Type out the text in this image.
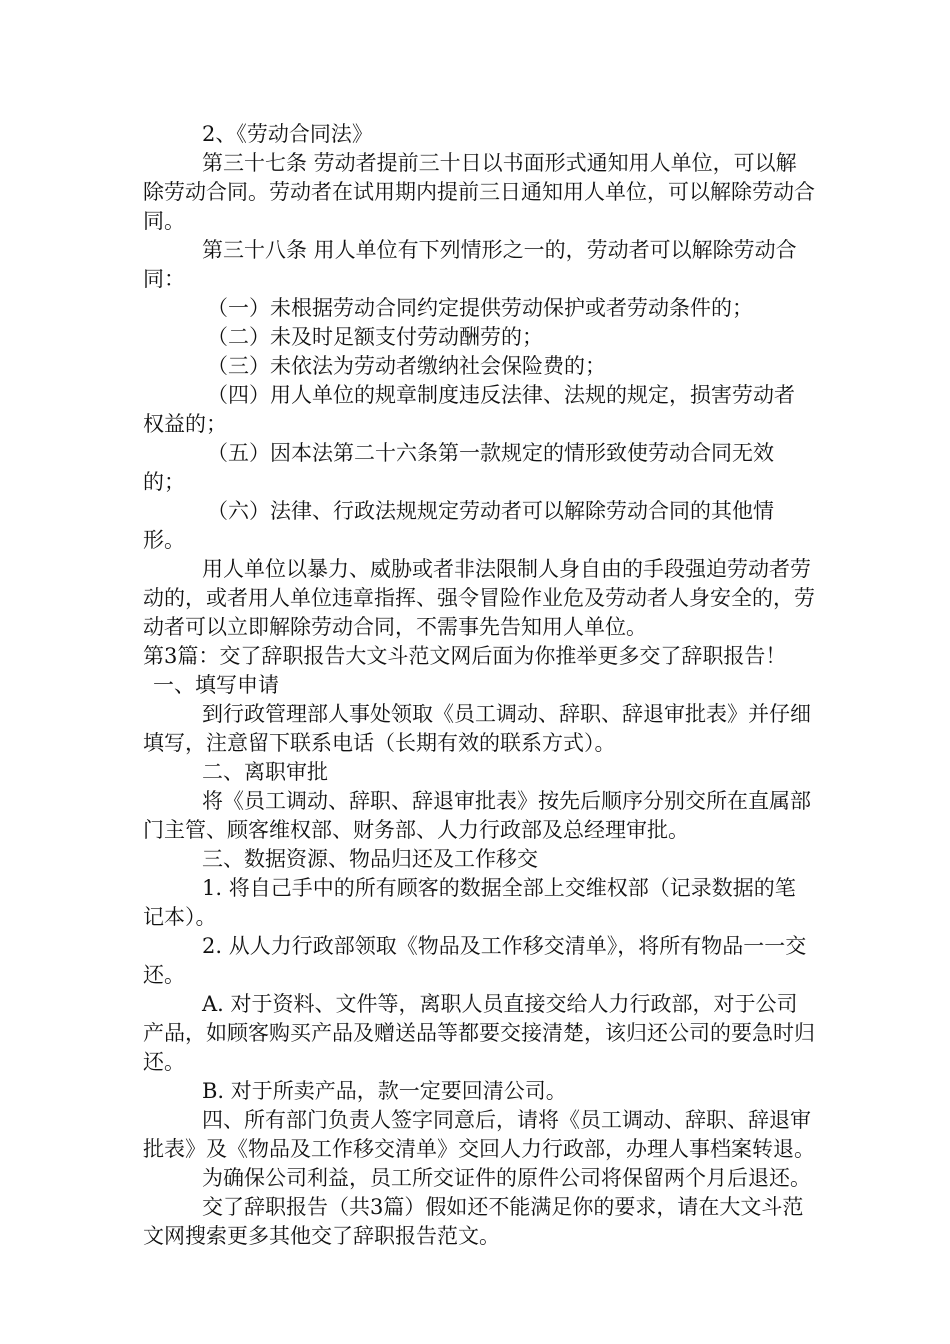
2、《劳动合同法》

第三十七条 劳动者提前三十日以书面形式通知用人单位，可以解除劳动合同。劳动者在试用期内提前三日通知用人单位，可以解除劳动合同。

第三十八条 用人单位有下列情形之一的，劳动者可以解除劳动合同：

（一）未根据劳动合同约定提供劳动保护或者劳动条件的；

（二）未及时足额支付劳动酬劳的；

（三）未依法为劳动者缴纳社会保险费的；

（四）用人单位的规章制度违反法律、法规的规定，损害劳动者权益的；

（五）因本法第二十六条第一款规定的情形致使劳动合同无效的；

（六）法律、行政法规规定劳动者可以解除劳动合同的其他情形。

用人单位以暴力、威胁或者非法限制人身自由的手段强迫劳动者劳动的，或者用人单位违章指挥、强令冒险作业危及劳动者人身安全的，劳动者可以立即解除劳动合同，不需事先告知用人单位。

第3篇：交了辞职报告大文斗范文网后面为你推举更多交了辞职报告！

一、填写申请

到行政管理部人事处领取《员工调动、辞职、辞退审批表》并仔细填写，注意留下联系电话（长期有效的联系方式）。

二、离职审批

将《员工调动、辞职、辞退审批表》按先后顺序分别交所在直属部门主管、顾客维权部、财务部、人力行政部及总经理审批。

三、数据资源、物品归还及工作移交

1. 将自己手中的所有顾客的数据全部上交维权部（记录数据的笔记本）。

2. 从人力行政部领取《物品及工作移交清单》，将所有物品一一交还。

A. 对于资料、文件等，离职人员直接交给人力行政部，对于公司产品，如顾客购买产品及赠送品等都要交接清楚，该归还公司的要急时归还。

B. 对于所卖产品，款一定要回清公司。

四、所有部门负责人签字同意后，请将《员工调动、辞职、辞退审批表》及《物品及工作移交清单》交回人力行政部，办理人事档案转退。

为确保公司利益，员工所交证件的原件公司将保留两个月后退还。

交了辞职报告（共3篇）假如还不能满足你的要求，请在大文斗范文网搜索更多其他交了辞职报告范文。
